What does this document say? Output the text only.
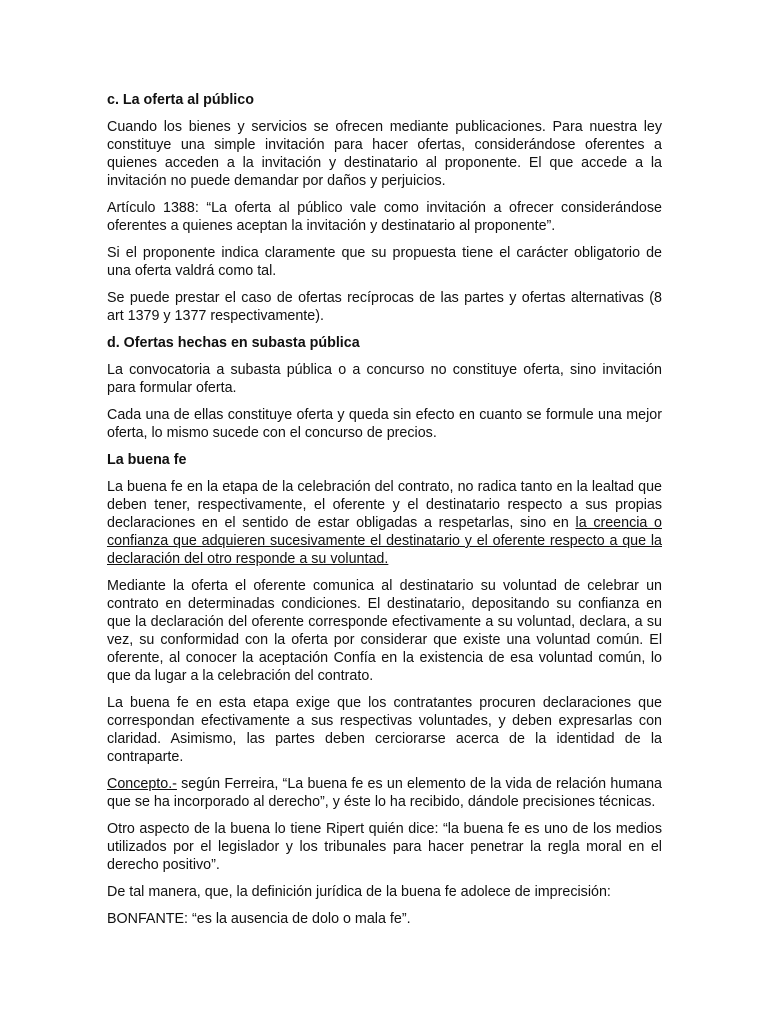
c. La oferta al público

Cuando los bienes y servicios se ofrecen mediante publicaciones. Para nuestra ley constituye una simple invitación para hacer ofertas, considerándose oferentes a quienes acceden a la invitación y destinatario al proponente. El que accede a la invitación no puede demandar por daños y perjuicios.

Artículo 1388: “La oferta al público vale como invitación a ofrecer considerándose oferentes a quienes aceptan la invitación y destinatario al proponente”.

Si el proponente indica claramente que su propuesta tiene el carácter obligatorio de una oferta valdrá como tal.

Se puede prestar el caso de ofertas recíprocas de las partes y ofertas alternativas (8 art 1379 y 1377 respectivamente).

d. Ofertas hechas en subasta pública

La convocatoria a subasta pública o a concurso no constituye oferta, sino invitación para formular oferta.

Cada una de ellas constituye oferta y queda sin efecto en cuanto se formule una mejor oferta, lo mismo sucede con el concurso de precios.

La buena fe

La buena fe en la etapa de la celebración del contrato, no radica tanto en la lealtad que deben tener, respectivamente, el oferente y el destinatario respecto a sus propias declaraciones en el sentido de estar obligadas a respetarlas, sino en la creencia o confianza que adquieren sucesivamente el destinatario y el oferente respecto a que la declaración del otro responde a su voluntad.

Mediante la oferta el oferente comunica al destinatario su voluntad de celebrar un contrato en determinadas condiciones. El destinatario, depositando su confianza en que la declaración del oferente corresponde efectivamente a su voluntad, declara, a su vez, su conformidad con la oferta por considerar que existe una voluntad común. El oferente, al conocer la aceptación Confía en la existencia de esa voluntad común, lo que da lugar a la celebración del contrato.

La buena fe en esta etapa exige que los contratantes procuren declaraciones que correspondan efectivamente a sus respectivas voluntades, y deben expresarlas con claridad. Asimismo, las partes deben cerciorarse acerca de la identidad de la contraparte.

Concepto.- según Ferreira, “La buena fe es un elemento de la vida de relación humana que se ha incorporado al derecho”, y éste lo ha recibido, dándole precisiones técnicas.

Otro aspecto de la buena lo tiene Ripert quién dice: “la buena fe es uno de los medios utilizados por el legislador y los tribunales para hacer penetrar la regla moral en el derecho positivo”.

De tal manera, que, la definición jurídica de la buena fe adolece de imprecisión:

BONFANTE: “es la ausencia de dolo o mala fe”.
